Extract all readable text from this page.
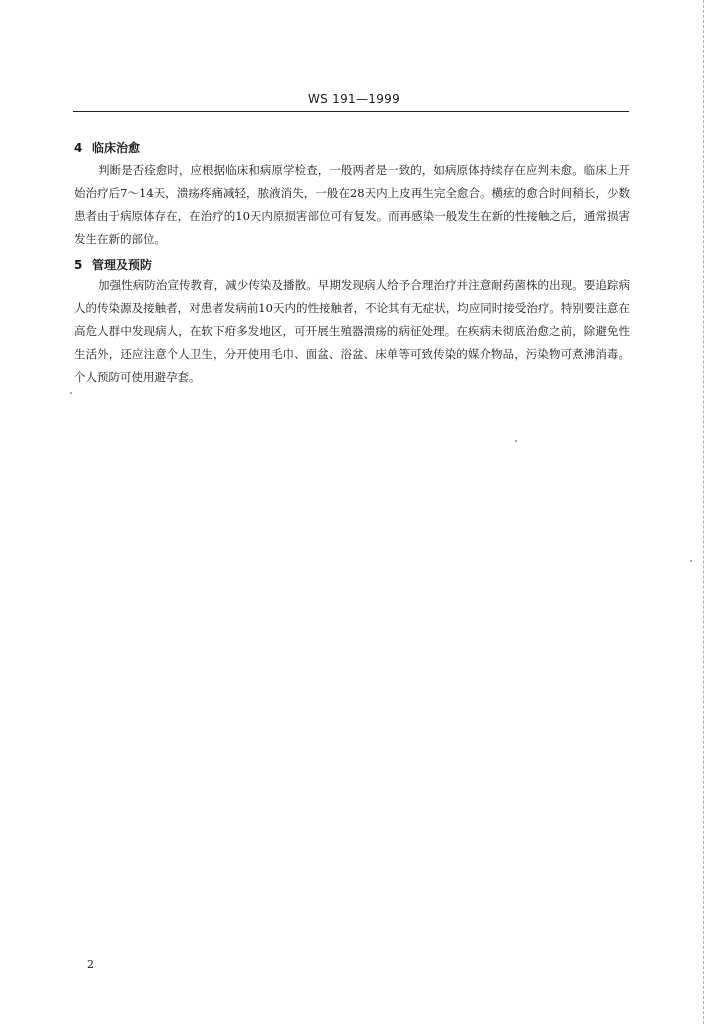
WS 191—1999
4 临床治愈
判断是否痊愈时，应根据临床和病原学检查，一般两者是一致的，如病原体持续存在应判未愈。临床上开始治疗后7～14天，溃疡疼痛减轻，脓液消失，一般在28天内上皮再生完全愈合。横痃的愈合时间稍长，少数患者由于病原体存在，在治疗的10天内原损害部位可有复发。而再感染一般发生在新的性接触之后，通常损害发生在新的部位。
5 管理及预防
加强性病防治宣传教育，减少传染及播散。早期发现病人给予合理治疗并注意耐药菌株的出现。要追踪病人的传染源及接触者，对患者发病前10天内的性接触者，不论其有无症状，均应同时接受治疗。特别要注意在高危人群中发现病人，在软下疳多发地区，可开展生殖器溃疡的病征处理。在疾病未彻底治愈之前，除避免性生活外，还应注意个人卫生，分开使用毛巾、面盆、浴盆、床单等可致传染的媒介物品，污染物可煮沸消毒。个人预防可使用避孕套。
2
